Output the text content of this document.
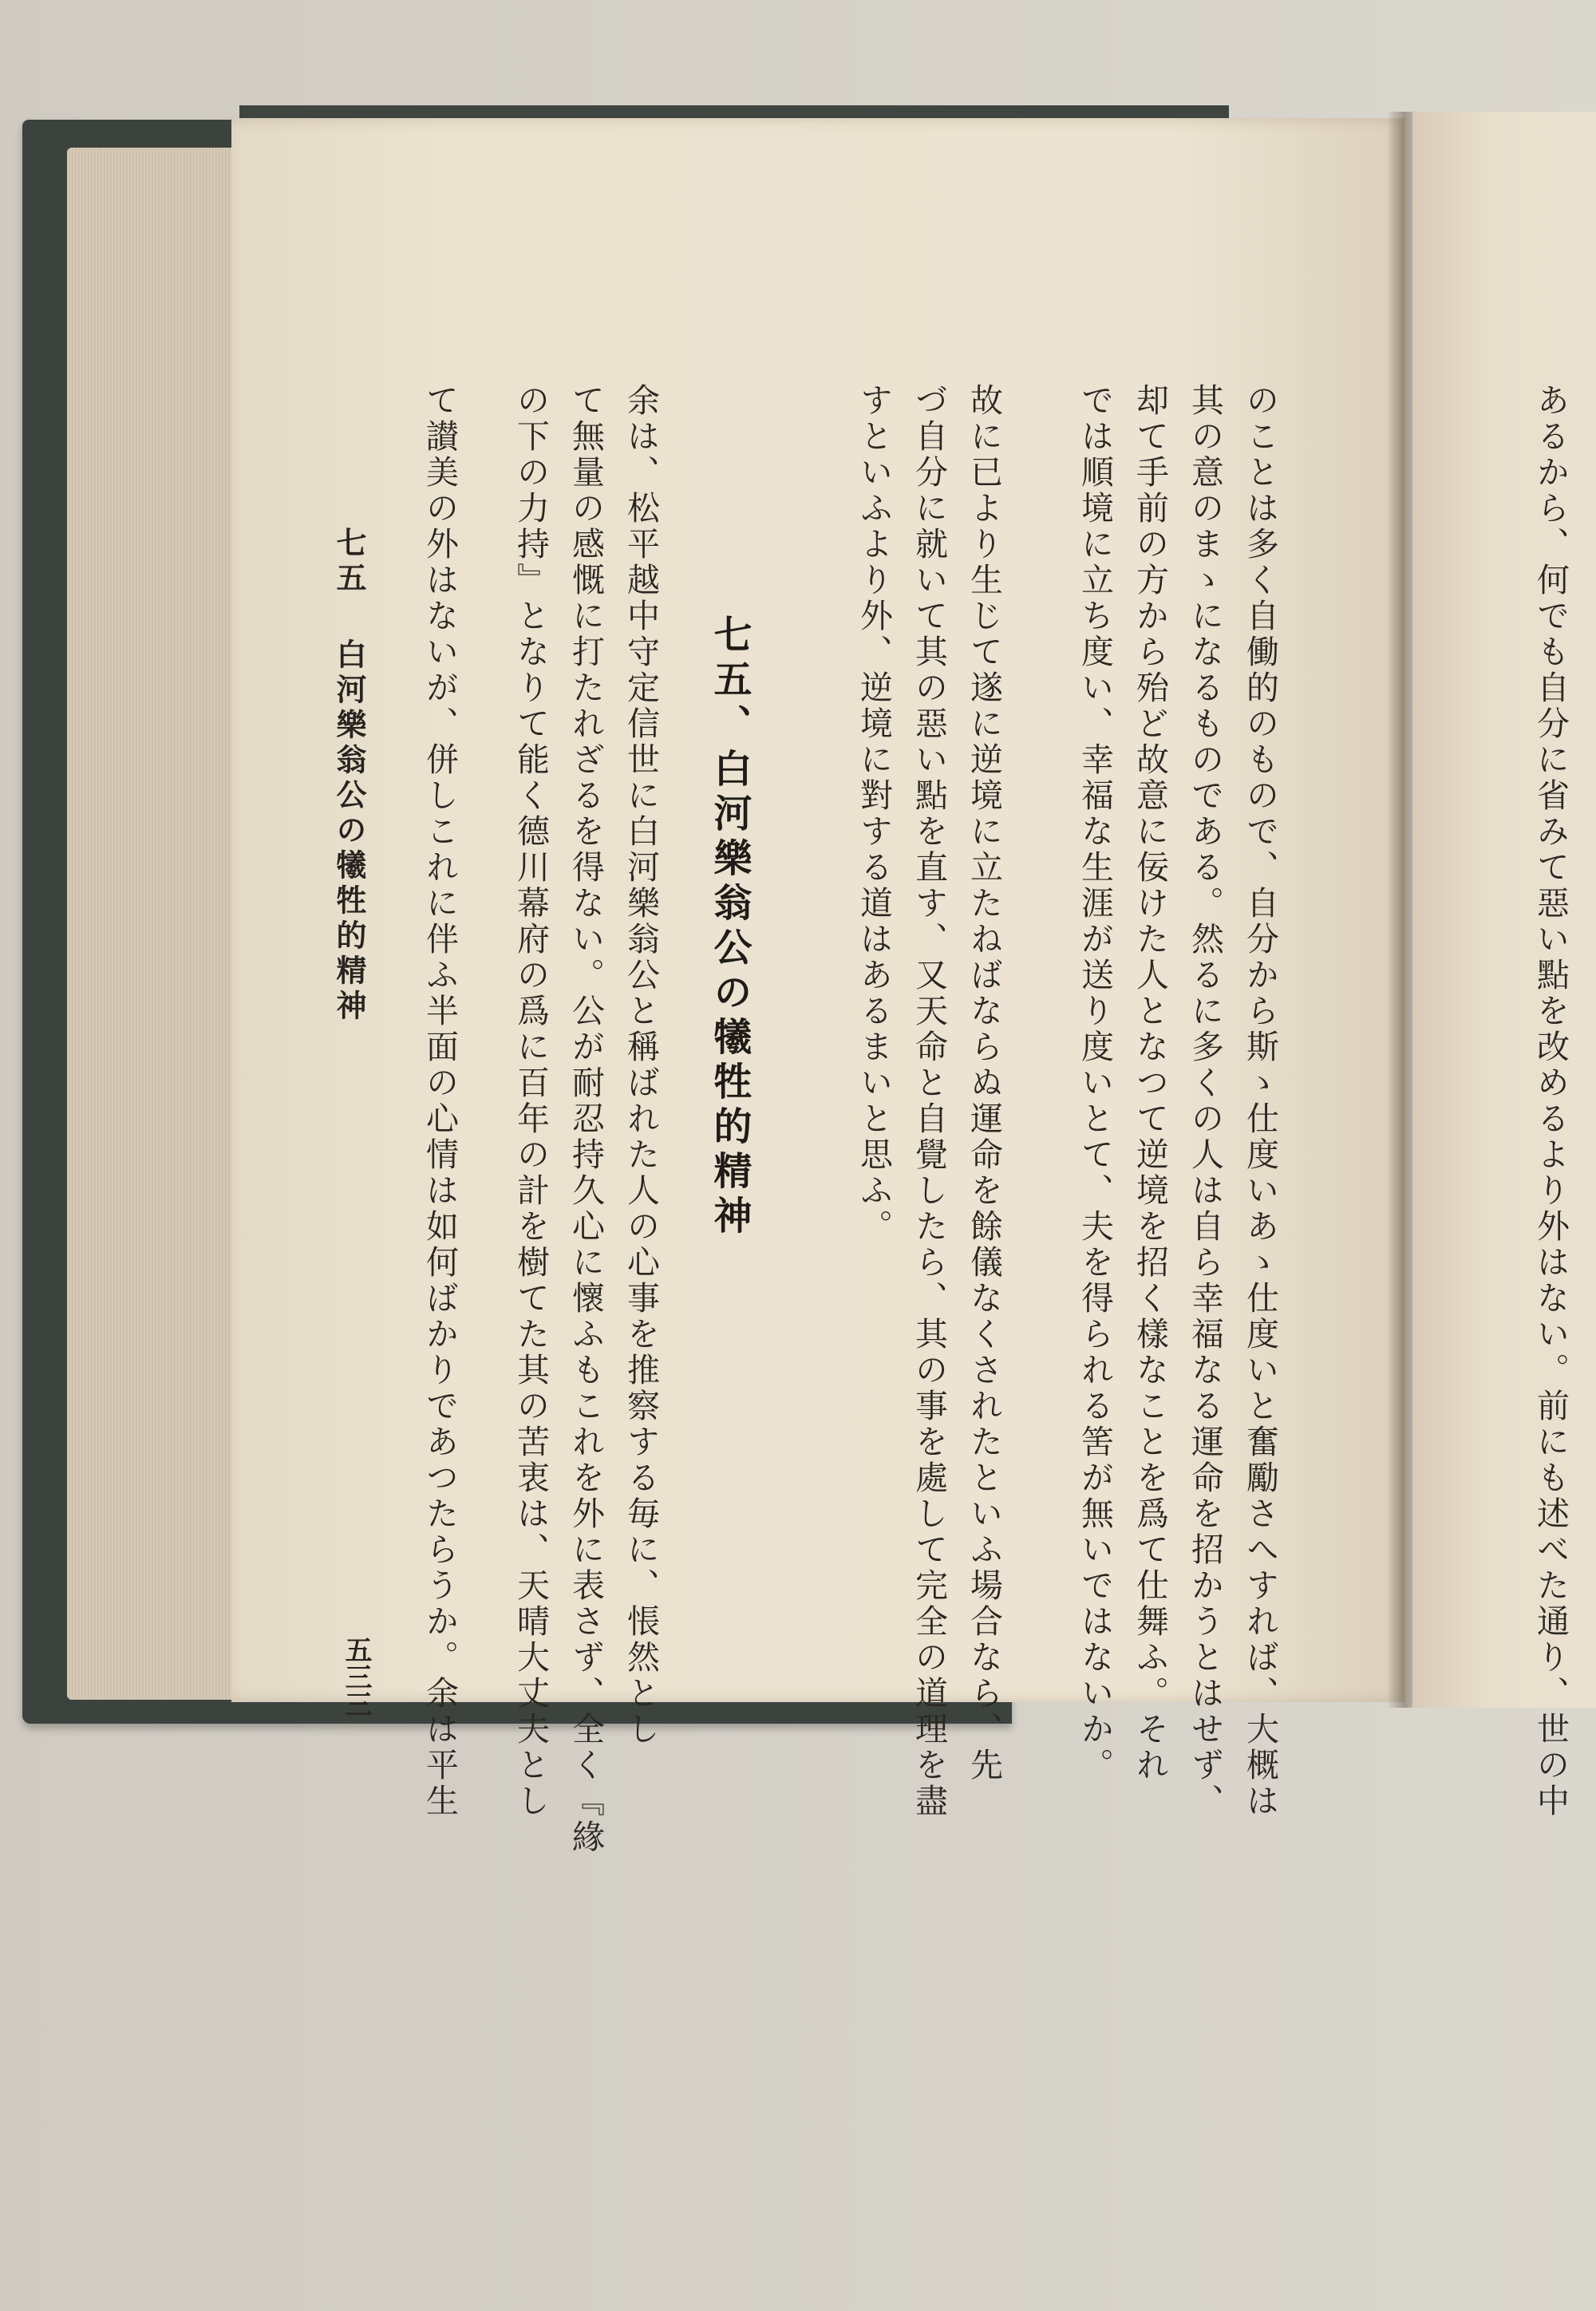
あるから、何でも自分に省みて惡い點を改めるより外はない。前にも述べた通り、世の中
のことは多く自働的のもので、自分から斯ゝ仕度いあゝ仕度いと奮勵さへすれば、大概は
其の意のまゝになるものである。然るに多くの人は自ら幸福なる運命を招かうとはせず、
却て手前の方から殆ど故意に佞けた人となつて逆境を招く樣なことを爲て仕舞ふ。それ
では順境に立ち度い、幸福な生涯が送り度いとて、夫を得られる筈が無いではないか。
故に已より生じて遂に逆境に立たねばならぬ運命を餘儀なくされたといふ場合なら、先
づ自分に就いて其の惡い點を直す、又天命と自覺したら、其の事を處して完全の道理を盡
すといふより外、逆境に對する道はあるまいと思ふ。
七五、白河樂翁公の犧牲的精神
余は、松平越中守定信世に白河樂翁公と稱ばれた人の心事を推察する毎に、悵然とし
て無量の感慨に打たれざるを得ない。公が耐忍持久心に懷ふもこれを外に表さず、全く『緣
の下の力持』となりて能く德川幕府の爲に百年の計を樹てた其の苦衷は、天晴大丈夫とし
て讃美の外はないが、併しこれに伴ふ半面の心情は如何ばかりであつたらうか。余は平生
七五
白河樂翁公の犧牲的精神
五三三
